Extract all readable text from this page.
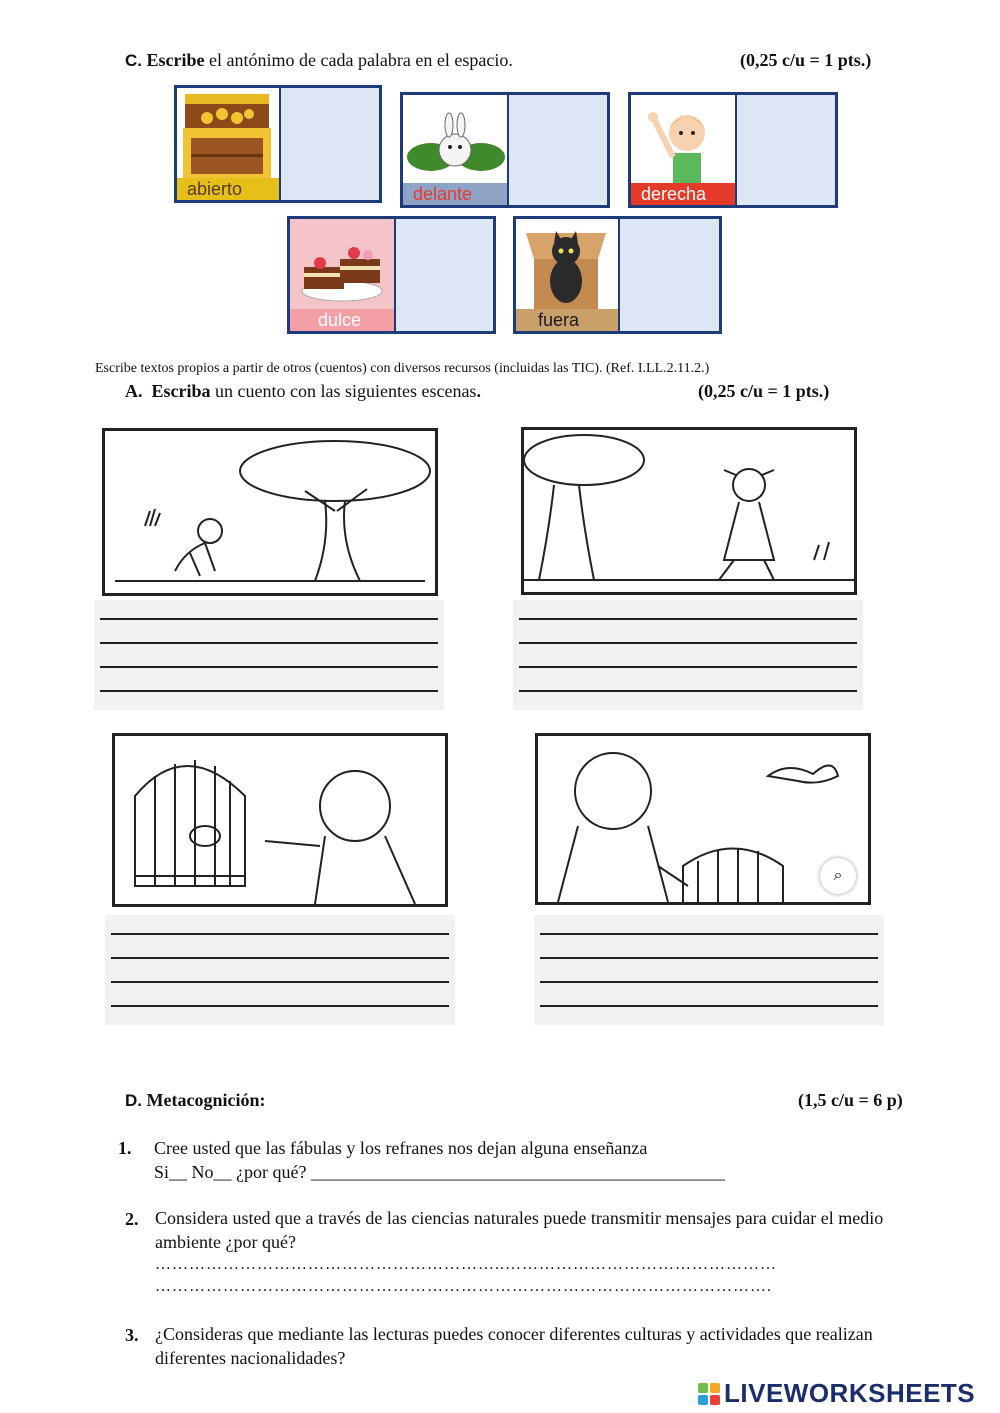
C. Escribe el antónimo de cada palabra en el espacio.	(0,25 c/u = 1 pts.)
abierto	delante	derecha
dulce	fuera
Escribe textos propios a partir de otros (cuentos) con diversos recursos (incluidas las TIC). (Ref. I.LL.2.11.2.)
A. Escriba un cuento con las siguientes escenas.	(0,25 c/u = 1 pts.)
⌕
D. Metacognición:	(1,5 c/u = 6 p)
1. Cree usted que las fábulas y los refranes nos dejan alguna enseñanza
Si__ No__ ¿por qué? ______________________________________________
2. Considera usted que a través de las ciencias naturales puede transmitir mensajes para cuidar el medio ambiente ¿por qué?
……………………………………………………..…………………………………………
……………………………………………………………………………………………….
3. ¿Consideras que mediante las lecturas puedes conocer diferentes culturas y actividades que realizan diferentes nacionalidades?
LIVEWORKSHEETS
